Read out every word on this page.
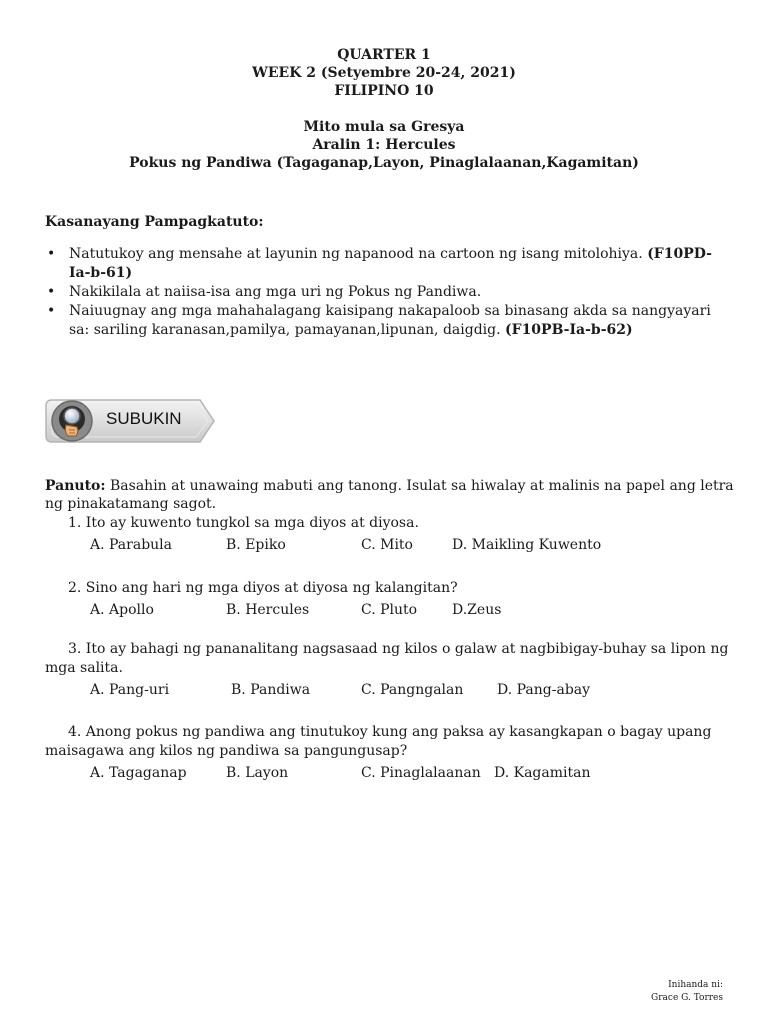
QUARTER 1
WEEK 2 (Setyembre 20-24, 2021)
FILIPINO 10
Mito mula sa Gresya
Aralin 1: Hercules
Pokus ng Pandiwa (Tagaganap,Layon, Pinaglalaanan,Kagamitan)
Kasanayang Pampagkatuto:
• Natutukoy ang mensahe at layunin ng napanood na cartoon ng isang mitolohiya. (F10PD-Ia-b-61)
• Nakikilala at naiisa-isa ang mga uri ng Pokus ng Pandiwa.
• Naiuugnay ang mga mahahalagang kaisipang nakapaloob sa binasang akda sa nangyayari sa: sariling karanasan,pamilya, pamayanan,lipunan, daigdig. (F10PB-Ia-b-62)
SUBUKIN
Panuto: Basahin at unawaing mabuti ang tanong. Isulat sa hiwalay at malinis na papel ang letra ng pinakatamang sagot.
1. Ito ay kuwento tungkol sa mga diyos at diyosa.
A. Parabula	B. Epiko	C. Mito	D. Maikling Kuwento
2. Sino ang hari ng mga diyos at diyosa ng kalangitan?
A. Apollo	B. Hercules	C. Pluto D.Zeus
3. Ito ay bahagi ng pananalitang nagsasaad ng kilos o galaw at nagbibigay-buhay sa lipon ng mga salita.
A. Pang-uri	B. Pandiwa	C. Pangngalan D. Pang-abay
4. Anong pokus ng pandiwa ang tinutukoy kung ang paksa ay kasangkapan o bagay upang maisagawa ang kilos ng pandiwa sa pangungusap?
A. Tagaganap	B. Layon	C. Pinaglalaanan D. Kagamitan
Inihanda ni:
Grace G. Torres
